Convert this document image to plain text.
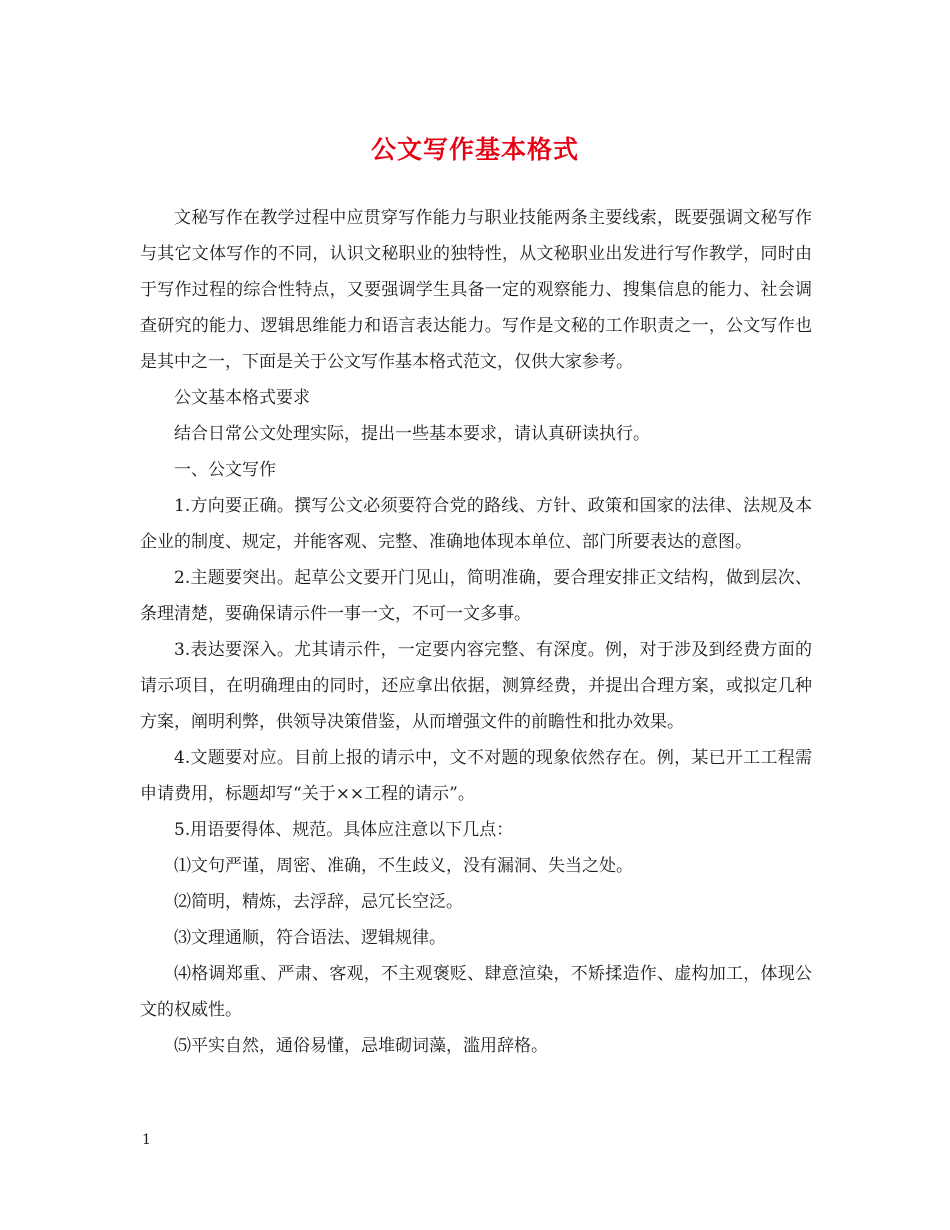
公文写作基本格式

文秘写作在教学过程中应贯穿写作能力与职业技能两条主要线索，既要强调文秘写作与其它文体写作的不同，认识文秘职业的独特性，从文秘职业出发进行写作教学，同时由于写作过程的综合性特点，又要强调学生具备一定的观察能力、搜集信息的能力、社会调查研究的能力、逻辑思维能力和语言表达能力。写作是文秘的工作职责之一，公文写作也是其中之一，下面是关于公文写作基本格式范文，仅供大家参考。

公文基本格式要求

结合日常公文处理实际，提出一些基本要求，请认真研读执行。

一、公文写作

1.方向要正确。撰写公文必须要符合党的路线、方针、政策和国家的法律、法规及本企业的制度、规定，并能客观、完整、准确地体现本单位、部门所要表达的意图。

2.主题要突出。起草公文要开门见山，简明准确，要合理安排正文结构，做到层次、条理清楚，要确保请示件一事一文，不可一文多事。

3.表达要深入。尤其请示件，一定要内容完整、有深度。例，对于涉及到经费方面的请示项目，在明确理由的同时，还应拿出依据，测算经费，并提出合理方案，或拟定几种方案，阐明利弊，供领导决策借鉴，从而增强文件的前瞻性和批办效果。

4.文题要对应。目前上报的请示中，文不对题的现象依然存在。例，某已开工工程需申请费用，标题却写“关于××工程的请示”。

5.用语要得体、规范。具体应注意以下几点：

⑴文句严谨，周密、准确，不生歧义，没有漏洞、失当之处。

⑵简明，精炼，去浮辞，忌冗长空泛。

⑶文理通顺，符合语法、逻辑规律。

⑷格调郑重、严肃、客观，不主观褒贬、肆意渲染，不矫揉造作、虚构加工，体现公文的权威性。

⑸平实自然，通俗易懂，忌堆砌词藻，滥用辞格。

1
